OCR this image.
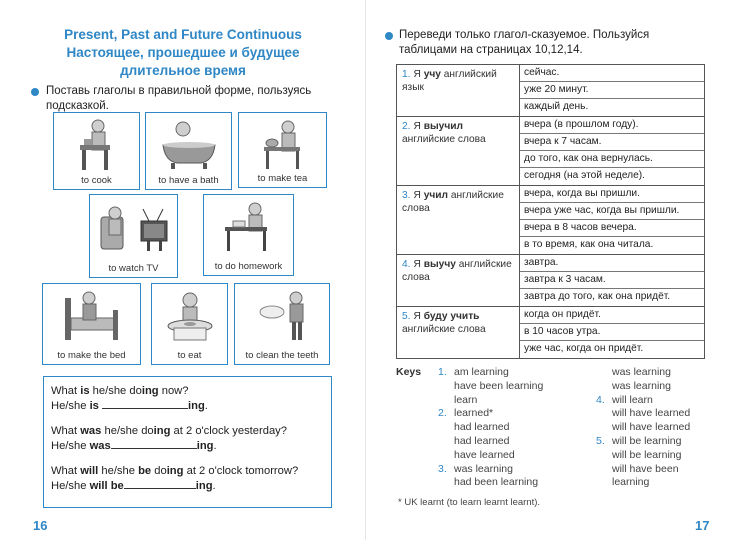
Present, Past and Future Continuous
Настоящее, прошедшее и будущее
длительное время
Поставь глаголы в правильной форме, пользуясь подсказкой.
to cook	to have a bath	to make tea
to watch TV	to do homework
to make the bed	to eat	to clean the teeth
What is he/she doing now?
He/she is	ing.
What was he/she doing at 2 o'clock yesterday?
He/she was	ing.
What will he/she be doing at 2 o'clock tomorrow?
He/she will be	ing.
16
Переведи только глагол-сказуемое. Пользуйся таблицами на страницах 10,12,14.
1. Я учу английский язык	сейчас.
уже 20 минут.
каждый день.

2. Я выучил английские слова	вчера (в прошлом году).
вчера к 7 часам.
до того, как она вернулась.
сегодня (на этой неделе).

3. Я учил английские слова	вчера, когда вы пришли.
вчера уже час, когда вы пришли.
вчера в 8 часов вечера.
в то время, как она читала.

4. Я выучу английские слова	завтра.
завтра к 3 часам.
завтра до того, как она придёт.

5. Я буду учить английские слова	когда он придёт.
в 10 часов утра.
уже час, когда он придёт.
Keys 1. am learning
have been learning
learn
2. learned*
had learned
had learned
have learned
3. was learning
had been learning
was learning
was learning
4. will learn
will have learned
will have learned
5. will be learning
will be learning
will have been
learning
* UK learnt (to learn learnt learnt).
17
